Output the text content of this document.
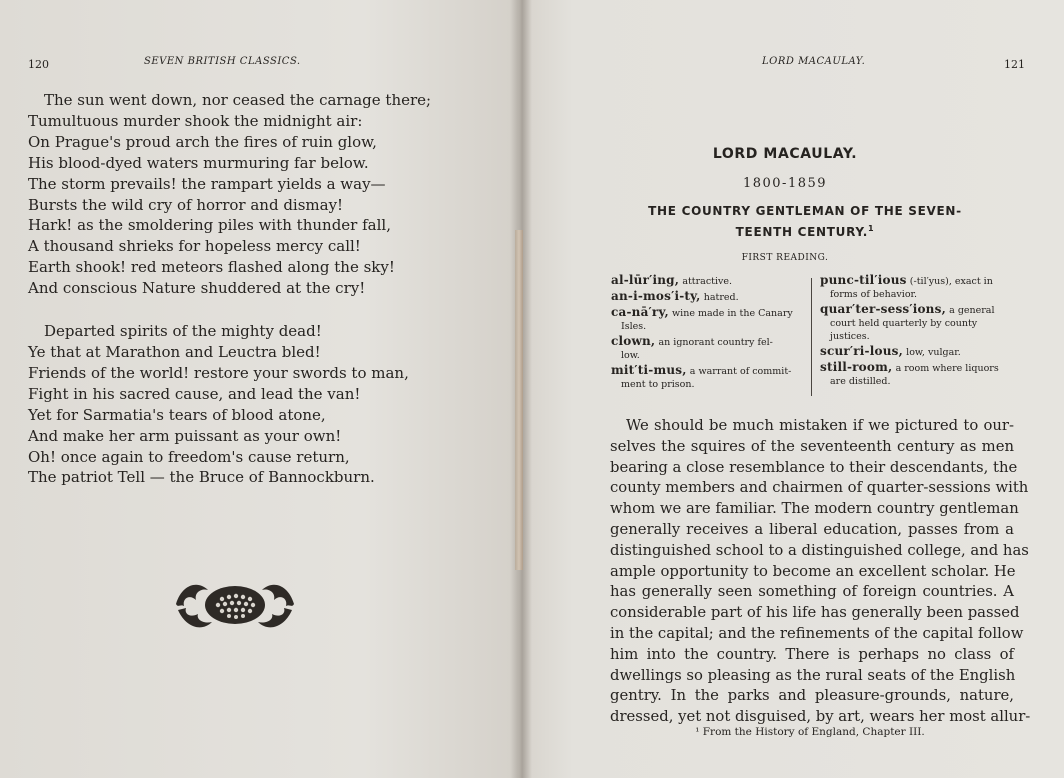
120	SEVEN BRITISH CLASSICS.
The sun went down, nor ceased the carnage there;
Tumultuous murder shook the midnight air:
On Prague's proud arch the fires of ruin glow,
His blood-dyed waters murmuring far below.
The storm prevails! the rampart yields a way—
Bursts the wild cry of horror and dismay!
Hark! as the smoldering piles with thunder fall,
A thousand shrieks for hopeless mercy call!
Earth shook! red meteors flashed along the sky!
And conscious Nature shuddered at the cry!
Departed spirits of the mighty dead!
Ye that at Marathon and Leuctra bled!
Friends of the world! restore your swords to man,
Fight in his sacred cause, and lead the van!
Yet for Sarmatia's tears of blood atone,
And make her arm puissant as your own!
Oh! once again to freedom's cause return,
The patriot Tell — the Bruce of Bannockburn.
LORD MACAULAY.	121
LORD MACAULAY.
1800-1859
THE COUNTRY GENTLEMAN OF THE SEVEN-
TEENTH CENTURY.$^1$
FIRST READING.
al-lūr′ing, attractive.
an-i-mos′i-ty, hatred.
ca-nā′ry, wine made in the Canary
Isles.
clown, an ignorant country fel-
low.
mit′ti-mus, a warrant of commit-
ment to prison.
punc-til′ious (-til′yus), exact in
forms of behavior.
quar′ter-sess′ions, a general
court held quarterly by county justices.
scur′ri-lous, low, vulgar.
still-room, a room where liquors
are distilled.
We should be much mistaken if we pictured to our-
selves the squires of the seventeenth century as men
bearing a close resemblance to their descendants, the
county members and chairmen of quarter-sessions with
whom we are familiar. The modern country gentleman
generally receives a liberal education, passes from a
distinguished school to a distinguished college, and has
ample opportunity to become an excellent scholar. He
has generally seen something of foreign countries. A
considerable part of his life has generally been passed
in the capital; and the refinements of the capital follow
him into the country. There is perhaps no class of
dwellings so pleasing as the rural seats of the English
gentry. In the parks and pleasure-grounds, nature,
dressed, yet not disguised, by art, wears her most allur-
¹ From the History of England, Chapter III.
